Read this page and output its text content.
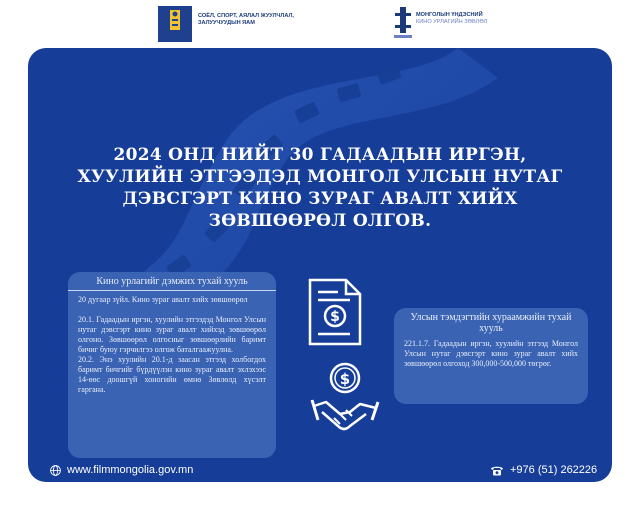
СОЁЛ, СПОРТ, АЯЛАЛ ЖУУЛЧЛАЛ, ЗАЛУУЧУУДЫН ЯАМ
МОНГОЛЫН ҮНДЭСНИЙ
КИНО УРЛАГИЙН ЗӨВЛӨЛ
2024 ОНД НИЙТ 30 ГАДААДЫН ИРГЭН, ХУУЛИЙН ЭТГЭЭДЭД МОНГОЛ УЛСЫН НУТАГ ДЭВСГЭРТ КИНО ЗУРАГ АВАЛТ ХИЙХ ЗӨВШӨӨРӨЛ ОЛГОВ.
Кино урлагийг дэмжих тухай хууль

20 дугаар зүйл. Кино зураг авалт хийх зөвшөөрөл

20.1. Гадаадын иргэн, хуулийн этгээдэд Монгол Улсын нутаг дэвсгэрт кино зураг авалт хийхэд зөвшөөрөл олгоно. Зөвшөөрөл олгосныг зөвшөөрлийн баримт бичиг буюу гэрчилгээ олгож баталгаажуулна.

20.2. Энэ хуулийн 20.1-д заасан этгээд холбогдох баримт бичгийг бүрдүүлэн кино зураг авалт эхлэхээс 14-өөс доошгүй хоногийн өмнө Зөвлөлд хүсэлт гаргана.

$
$
Улсын тэмдэгтийн хураамжийн тухай хууль
221.1.7. Гадаадын иргэн, хуулийн этгээд Монгол Улсын нутаг дэвсгэрт кино зураг авалт хийх зөвшөөрөл олгоход 300,000-500,000 төгрөг.
www.filmmongolia.gov.mn	+976 (51) 262226
